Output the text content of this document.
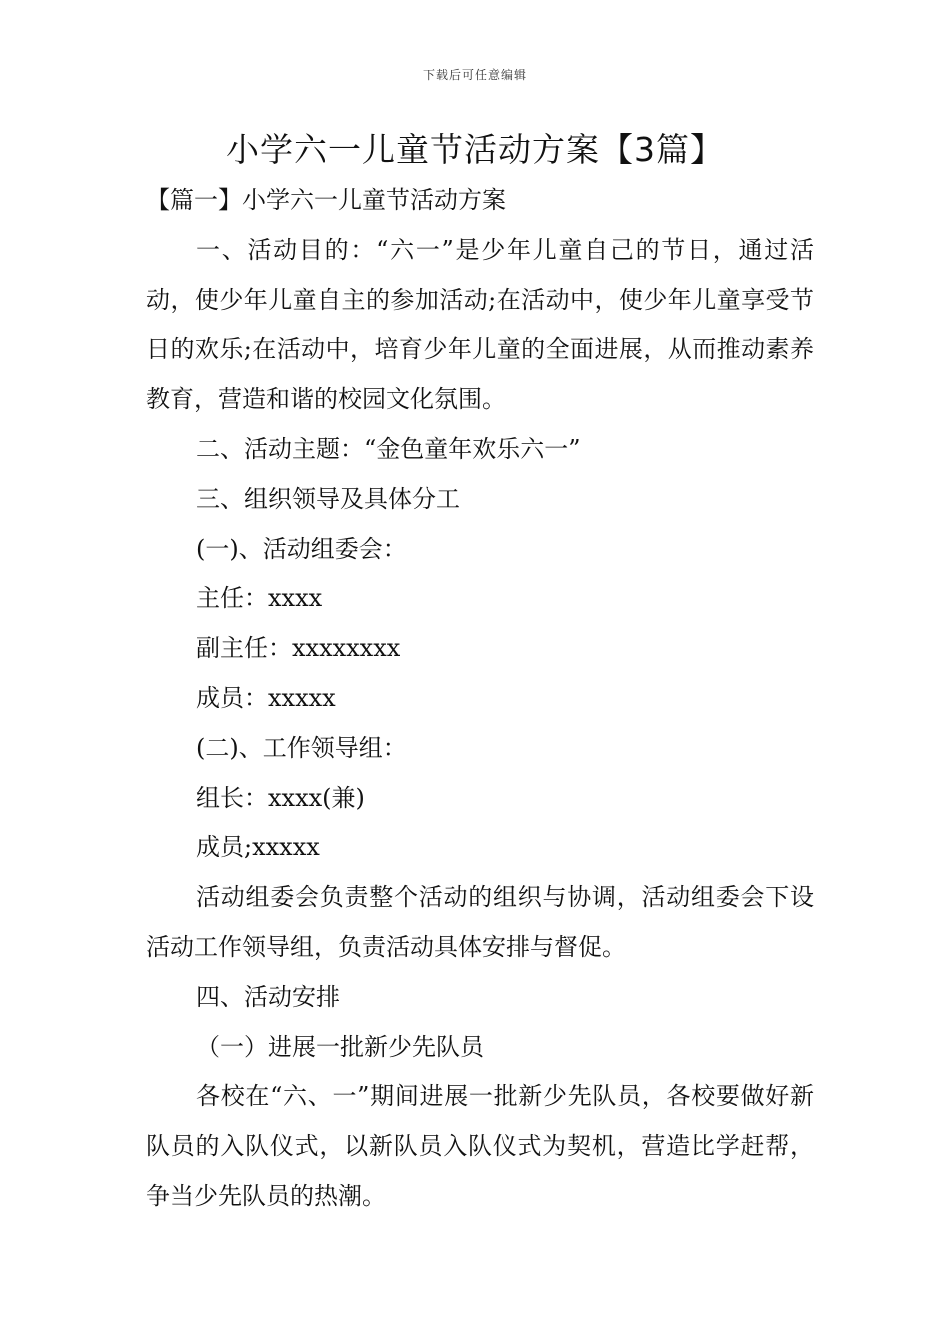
下载后可任意编辑
小学六一儿童节活动方案【3篇】
【篇一】小学六一儿童节活动方案

一、活动目的：“六一”是少年儿童自己的节日，通过活动，使少年儿童自主的参加活动;在活动中，使少年儿童享受节日的欢乐;在活动中，培育少年儿童的全面进展，从而推动素养教育，营造和谐的校园文化氛围。

二、活动主题：“金色童年欢乐六一”
三、组织领导及具体分工
(一)、活动组委会：
主任：xxxx
副主任：xxxxxxxx
成员：xxxxx
(二)、工作领导组：
组长：xxxx(兼)
成员;xxxxx

活动组委会负责整个活动的组织与协调，活动组委会下设活动工作领导组，负责活动具体安排与督促。

四、活动安排
（一）进展一批新少先队员

各校在“六、一”期间进展一批新少先队员，各校要做好新队员的入队仪式，以新队员入队仪式为契机，营造比学赶帮，争当少先队员的热潮。
